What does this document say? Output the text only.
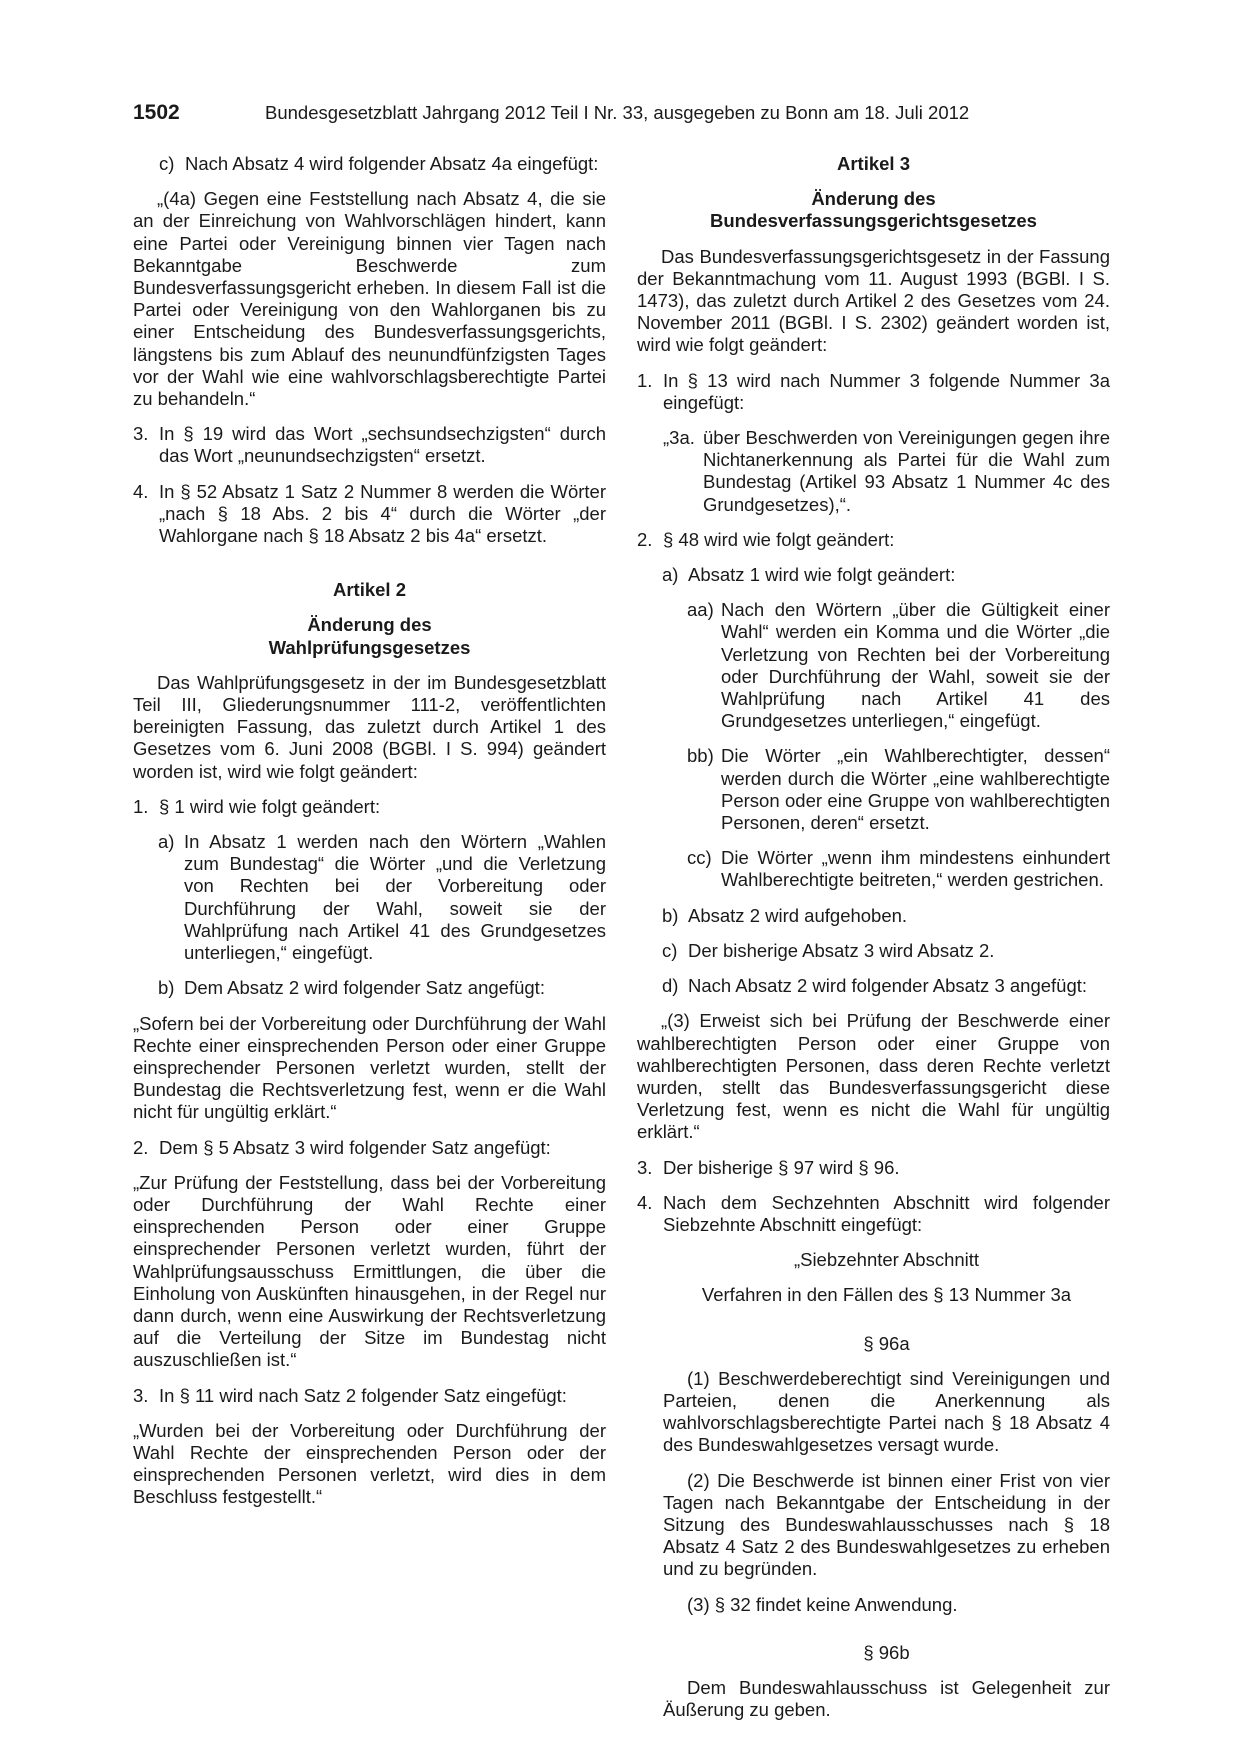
1502	Bundesgesetzblatt Jahrgang 2012 Teil I Nr. 33, ausgegeben zu Bonn am 18. Juli 2012
c) Nach Absatz 4 wird folgender Absatz 4a eingefügt:

„(4a) Gegen eine Feststellung nach Absatz 4, die sie an der Einreichung von Wahlvorschlägen hindert, kann eine Partei oder Vereinigung binnen vier Tagen nach Bekanntgabe Beschwerde zum Bundesverfassungsgericht erheben. In diesem Fall ist die Partei oder Vereinigung von den Wahlorganen bis zu einer Entscheidung des Bundesverfassungsgerichts, längstens bis zum Ablauf des neunundfünfzigsten Tages vor der Wahl wie eine wahlvorschlagsberechtigte Partei zu behandeln.“

3. In § 19 wird das Wort „sechsundsechzigsten“ durch das Wort „neunundsechzigsten“ ersetzt.

4. In § 52 Absatz 1 Satz 2 Nummer 8 werden die Wörter „nach § 18 Abs. 2 bis 4“ durch die Wörter „der Wahlorgane nach § 18 Absatz 2 bis 4a“ ersetzt.

Artikel 2

Änderung des

Wahlprüfungsgesetzes

Das Wahlprüfungsgesetz in der im Bundesgesetzblatt Teil III, Gliederungsnummer 111-2, veröffentlichten bereinigten Fassung, das zuletzt durch Artikel 1 des Gesetzes vom 6. Juni 2008 (BGBl. I S. 994) geändert worden ist, wird wie folgt geändert:

1. § 1 wird wie folgt geändert:

a) In Absatz 1 werden nach den Wörtern „Wahlen zum Bundestag“ die Wörter „und die Verletzung von Rechten bei der Vorbereitung oder Durchführung der Wahl, soweit sie der Wahlprüfung nach Artikel 41 des Grundgesetzes unterliegen,“ eingefügt.

b) Dem Absatz 2 wird folgender Satz angefügt:

„Sofern bei der Vorbereitung oder Durchführung der Wahl Rechte einer einsprechenden Person oder einer Gruppe einsprechender Personen verletzt wurden, stellt der Bundestag die Rechtsverletzung fest, wenn er die Wahl nicht für ungültig erklärt.“

2. Dem § 5 Absatz 3 wird folgender Satz angefügt:

„Zur Prüfung der Feststellung, dass bei der Vorbereitung oder Durchführung der Wahl Rechte einer einsprechenden Person oder einer Gruppe einsprechender Personen verletzt wurden, führt der Wahlprüfungsausschuss Ermittlungen, die über die Einholung von Auskünften hinausgehen, in der Regel nur dann durch, wenn eine Auswirkung der Rechtsverletzung auf die Verteilung der Sitze im Bundestag nicht auszuschließen ist.“

3. In § 11 wird nach Satz 2 folgender Satz eingefügt:

„Wurden bei der Vorbereitung oder Durchführung der Wahl Rechte der einsprechenden Person oder der einsprechenden Personen verletzt, wird dies in dem Beschluss festgestellt.“

Artikel 3

Änderung des

Bundesverfassungsgerichtsgesetzes

Das Bundesverfassungsgerichtsgesetz in der Fassung der Bekanntmachung vom 11. August 1993 (BGBl. I S. 1473), das zuletzt durch Artikel 2 des Gesetzes vom 24. November 2011 (BGBl. I S. 2302) geändert worden ist, wird wie folgt geändert:

1. In § 13 wird nach Nummer 3 folgende Nummer 3a eingefügt:

„3a. über Beschwerden von Vereinigungen gegen ihre Nichtanerkennung als Partei für die Wahl zum Bundestag (Artikel 93 Absatz 1 Nummer 4c des Grundgesetzes),“.

2. § 48 wird wie folgt geändert:

a) Absatz 1 wird wie folgt geändert:

aa) Nach den Wörtern „über die Gültigkeit einer Wahl“ werden ein Komma und die Wörter „die Verletzung von Rechten bei der Vorbereitung oder Durchführung der Wahl, soweit sie der Wahlprüfung nach Artikel 41 des Grundgesetzes unterliegen,“ eingefügt.

bb) Die Wörter „ein Wahlberechtigter, dessen“ werden durch die Wörter „eine wahlberechtigte Person oder eine Gruppe von wahlberechtigten Personen, deren“ ersetzt.

cc) Die Wörter „wenn ihm mindestens einhundert Wahlberechtigte beitreten,“ werden gestrichen.

b) Absatz 2 wird aufgehoben.

c) Der bisherige Absatz 3 wird Absatz 2.

d) Nach Absatz 2 wird folgender Absatz 3 angefügt:

„(3) Erweist sich bei Prüfung der Beschwerde einer wahlberechtigten Person oder einer Gruppe von wahlberechtigten Personen, dass deren Rechte verletzt wurden, stellt das Bundesverfassungsgericht diese Verletzung fest, wenn es nicht die Wahl für ungültig erklärt.“

3. Der bisherige § 97 wird § 96.

4. Nach dem Sechzehnten Abschnitt wird folgender Siebzehnte Abschnitt eingefügt:

„Siebzehnter Abschnitt

Verfahren in den Fällen des § 13 Nummer 3a

§ 96a

(1) Beschwerdeberechtigt sind Vereinigungen und Parteien, denen die Anerkennung als wahlvorschlagsberechtigte Partei nach § 18 Absatz 4 des Bundeswahlgesetzes versagt wurde.

(2) Die Beschwerde ist binnen einer Frist von vier Tagen nach Bekanntgabe der Entscheidung in der Sitzung des Bundeswahlausschusses nach § 18 Absatz 4 Satz 2 des Bundeswahlgesetzes zu erheben und zu begründen.

(3) § 32 findet keine Anwendung.

§ 96b

Dem Bundeswahlausschuss ist Gelegenheit zur Äußerung zu geben.
